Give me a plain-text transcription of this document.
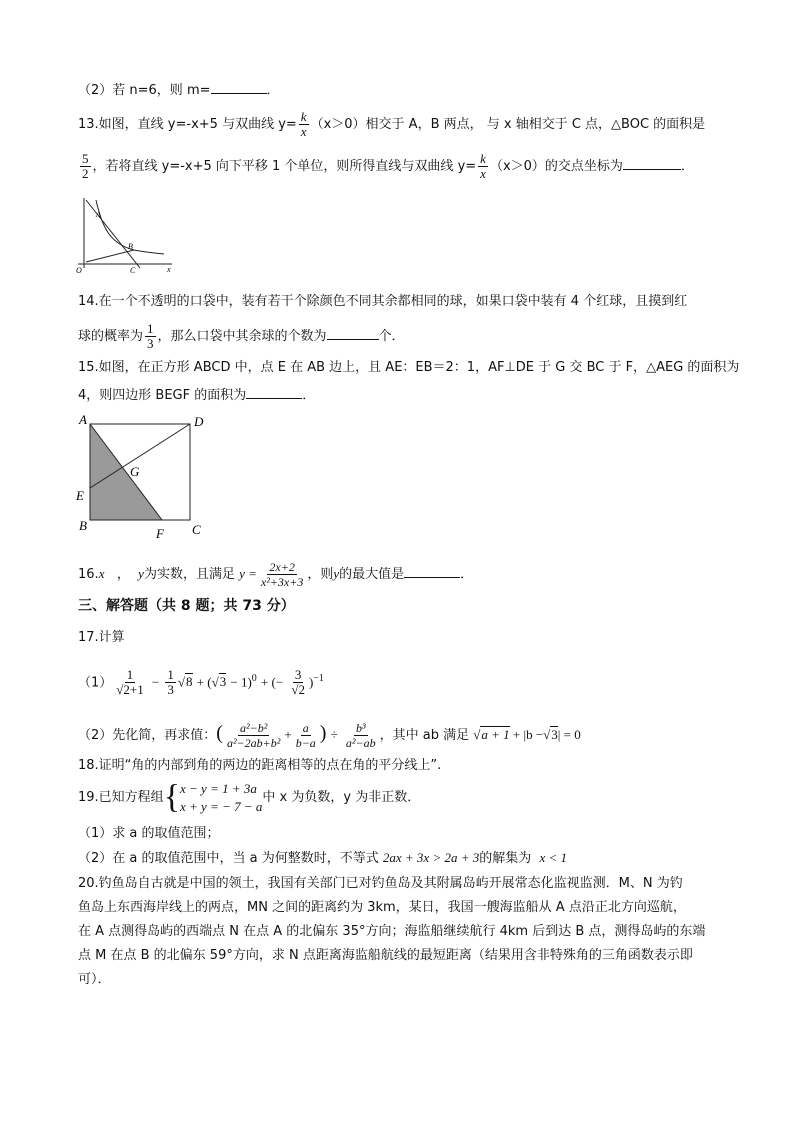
（2）若 n=6，则 m=	．
13.如图，直线 y=-x+5 与双曲线 $y= \frac{k}{x} (x>0)$相交于 A，B 两点， 与 x 轴相交于 C 点，△BOC 的面积是
$\frac{5}{2}$ ，若将直线 y=-x+5 向下平移 1 个单位，则所得直线与双曲线 $y= \frac{k}{x} (x>0)$的交点坐标为	．
A
B
C
O	x
14.在一个不透明的口袋中，装有若干个除颜色不同其余都相同的球，如果口袋中装有 4 个红球，且摸到红
球的概率为 $\frac{1}{3}$ ，那么口袋中其余球的个数为	个．
15.如图，在正方形 ABCD 中，点 E 在 AB 边上，且 AE：EB＝2：1，AF⊥DE 于 G 交 BC 于 F，△AEG 的面积为
4，则四边形 BEGF 的面积为	．
A
B	C
D
E
F
G
16.x ， y为实数，且满足 $y = \frac{2x+2}{\text{x²+3x+3}}$ ，则y的最大值是	．
三、解答题（共 8 题；共 73 分）
17.计算
$(1) \frac{1}{√2+1} - \frac{1}{3} √8 + (√3 - 1)^0$ + (− $\frac{3}{√2} )^{-1}$
（2）先化简，再求值：( $\frac{\text{a²−b²}}{\text{a²−2ab+b²}} + \frac{a}{b-a}$ ) ÷ $\frac{\text{b³}}{\text{a²−ab}}$ ，其中 ab 满足 √a + 1 + |b −√3| = 0
18.证明“角的内部到角的两边的距离相等的点在角的平分线上”.
19.已知方程组{ x − y = 1 + 3a
x + y = − 7 − a
中 x 为负数，y 为非正数．
（1）求 a 的取值范围；
（2）在 a 的取值范围中，当 a 为何整数时，不等式 2ax + 3x > 2a + 3的解集为 x < 1
20.钓鱼岛自古就是中国的领土，我国有关部门已对钓鱼岛及其附属岛屿开展常态化监视监测．M、N 为钓
鱼岛上东西海岸线上的两点，MN 之间的距离约为 3km，某日，我国一艘海监船从 A 点沿正北方向巡航，
在 A 点测得岛屿的西端点 N 在点 A 的北偏东 35°方向；海监船继续航行 4km 后到达 B 点，测得岛屿的东端
点 M 在点 B 的北偏东 59°方向，求 N 点距离海监船航线的最短距离（结果用含非特殊角的三角函数表示即
可）．
